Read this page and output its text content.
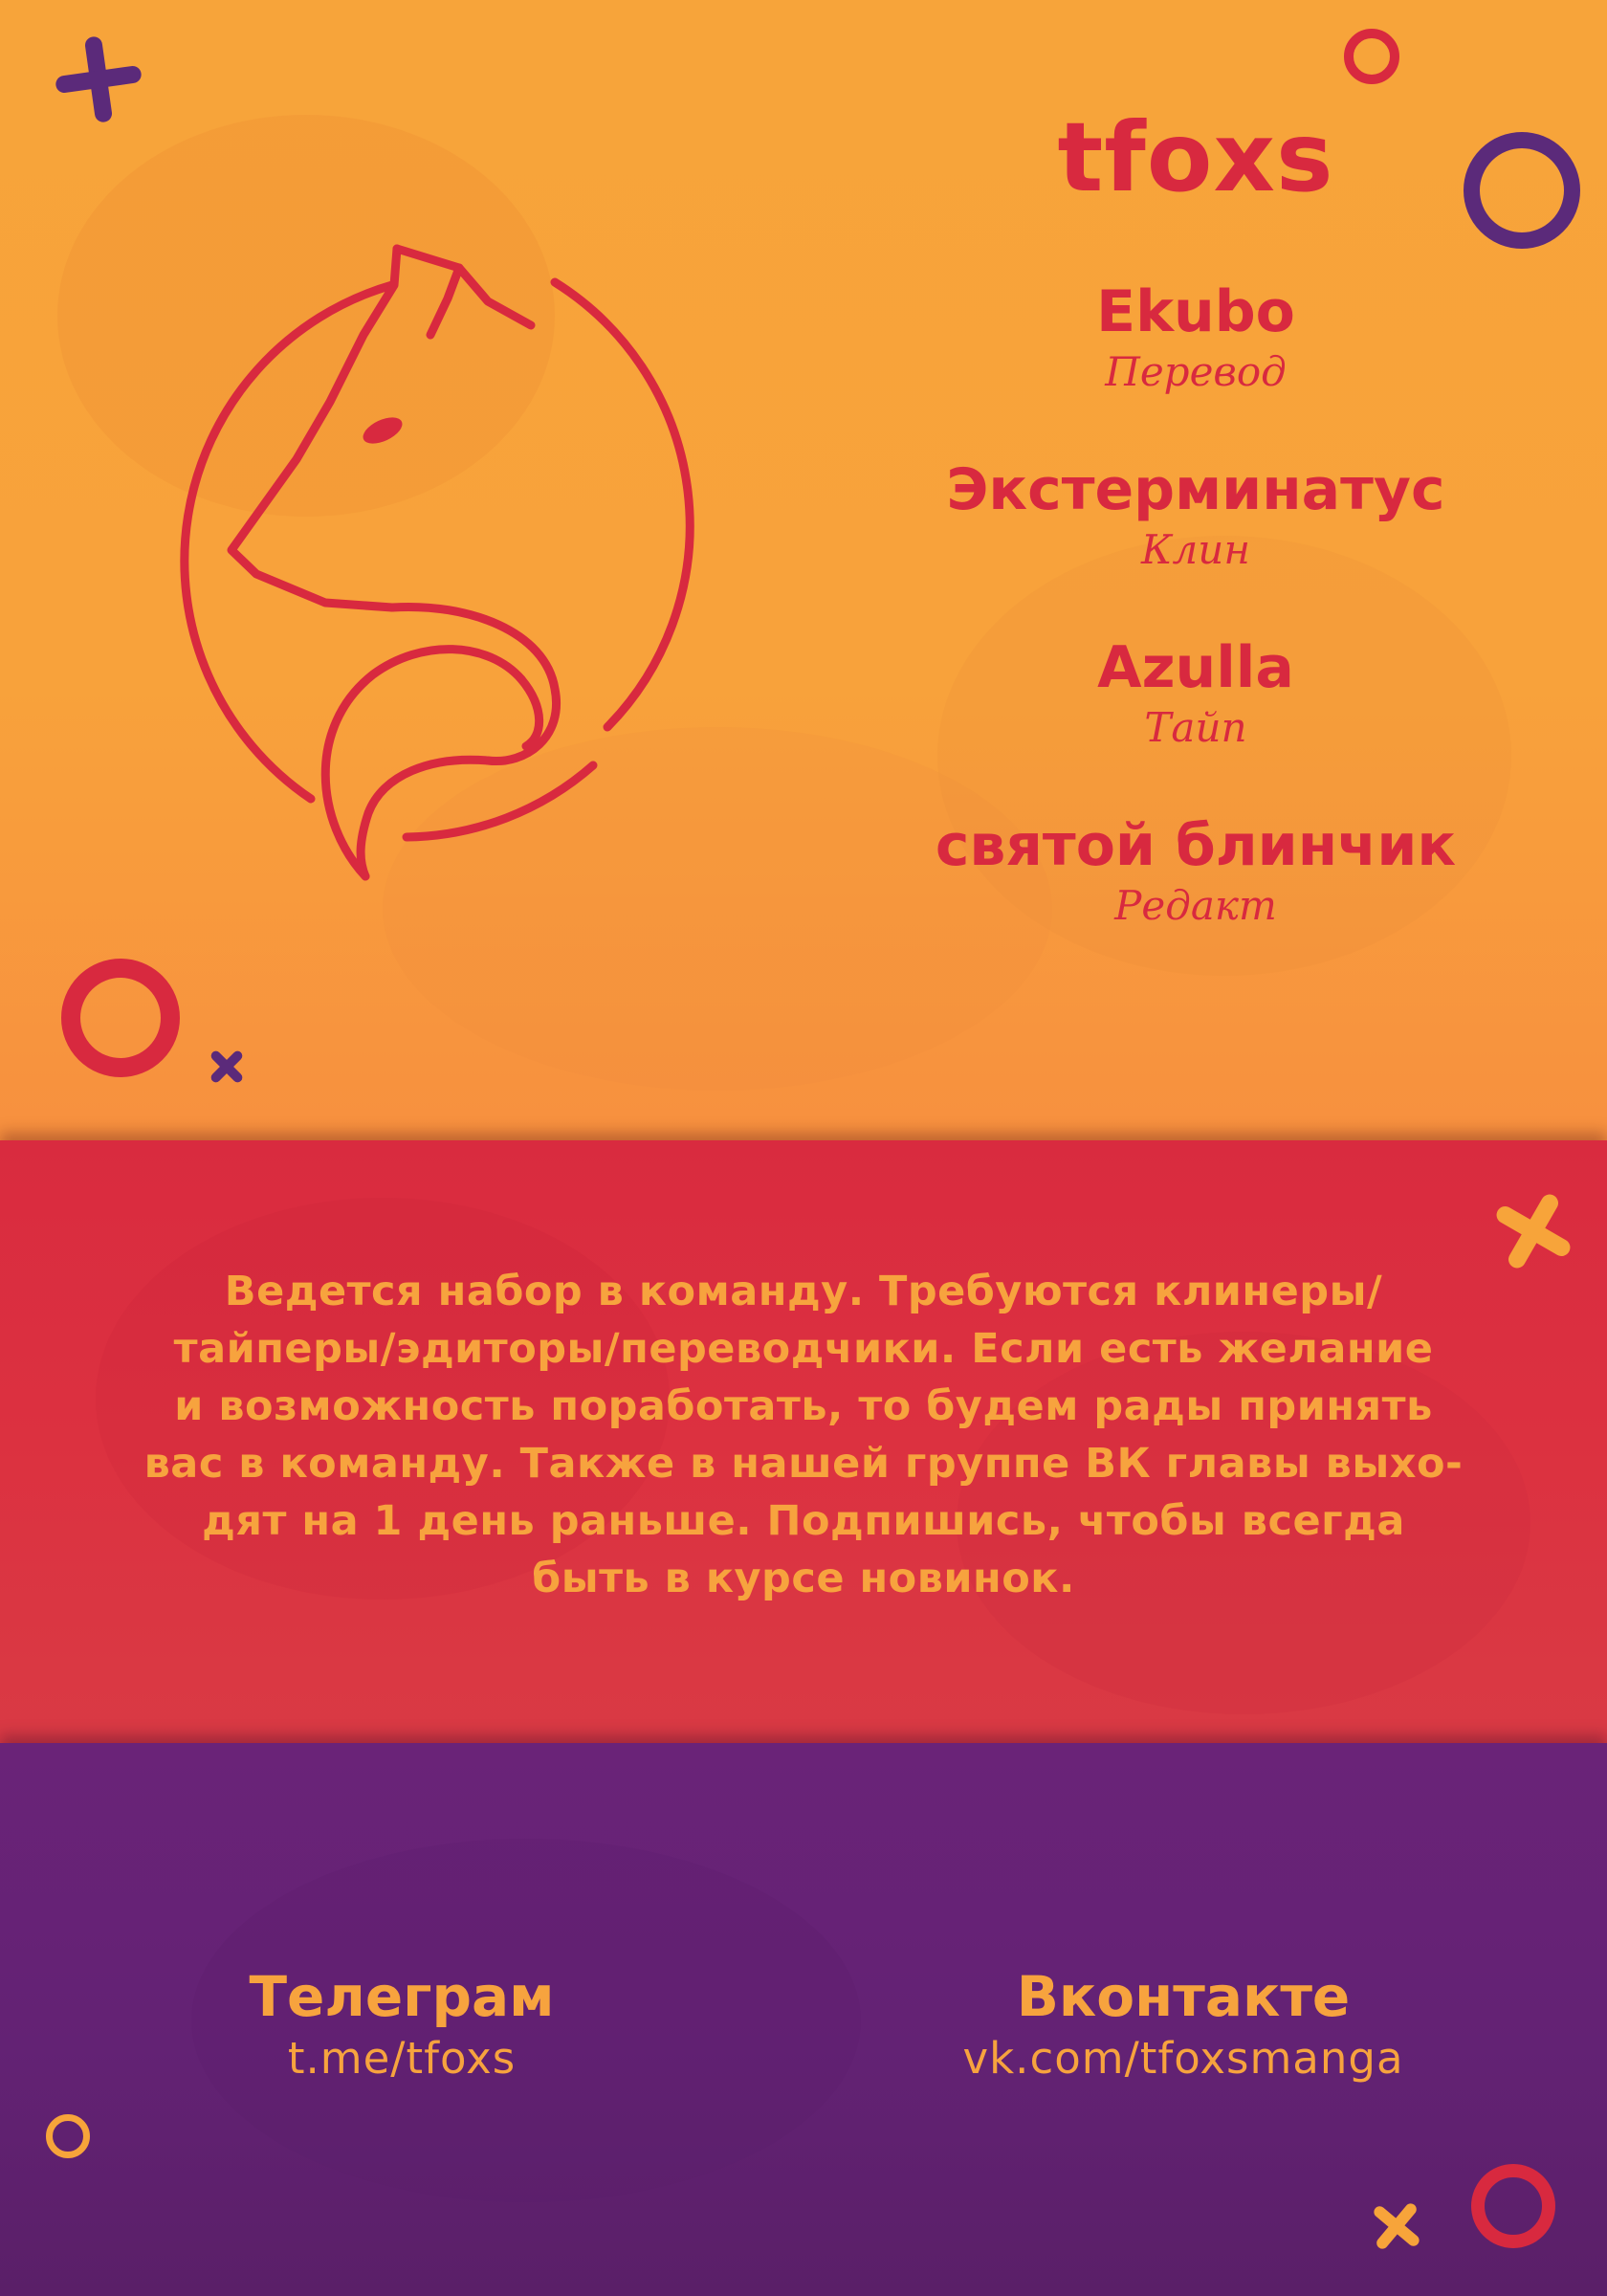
tfoxs
Ekubo
Перевод
Экстерминатус
Клин
Azulla
Тайп
святой блинчик
Редакт
Ведется набор в команду. Требуются клинеры/
тайперы/эдиторы/переводчики. Если есть желание
и возможность поработать, то будем рады принять
вас в команду. Также в нашей группе ВК главы выхо-
дят на 1 день раньше. Подпишись, чтобы всегда
быть в курсе новинок.
Телеграм
t.me/tfoxs
Вконтакте
vk.com/tfoxsmanga
